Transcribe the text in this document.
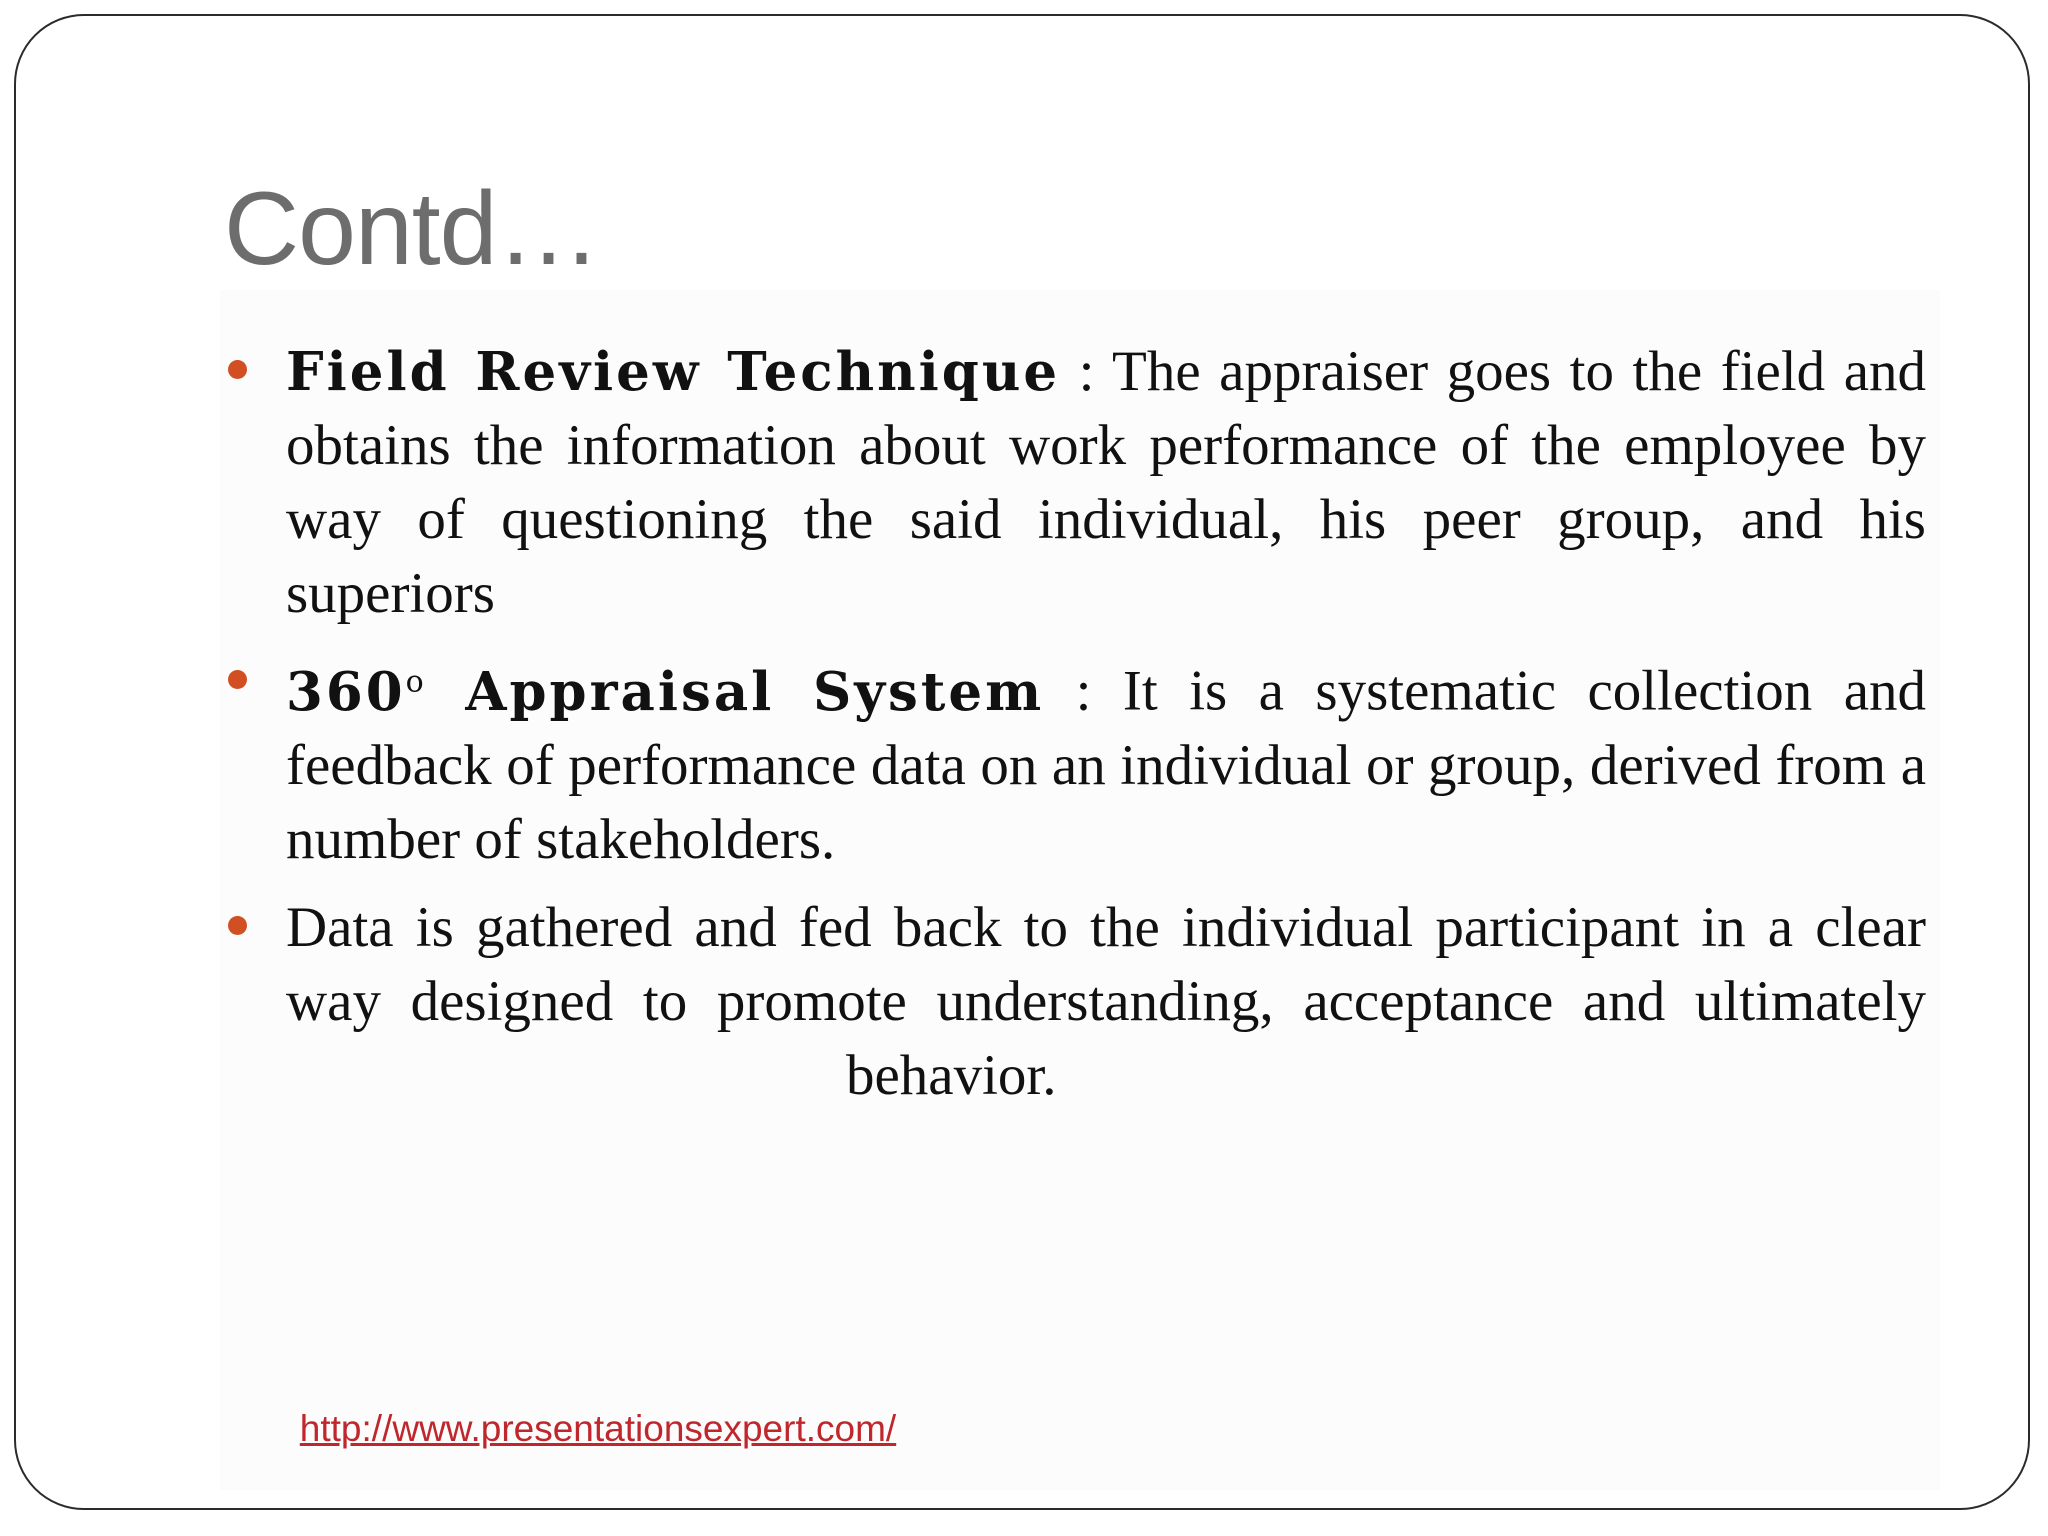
Contd…
Field Review Technique : The appraiser goes to the field and obtains the information about work performance of the employee by way of questioning the said individual, his peer group, and his superiors
360$^o$ Appraisal System : It is a systematic collection and feedback of performance data on an individual or group, derived from a number of stakeholders.
Data is gathered and fed back to the individual participant in a clear way designed to promote understanding, acceptance and ultimatelybehavior.
http://www.presentationsexpert.com/
